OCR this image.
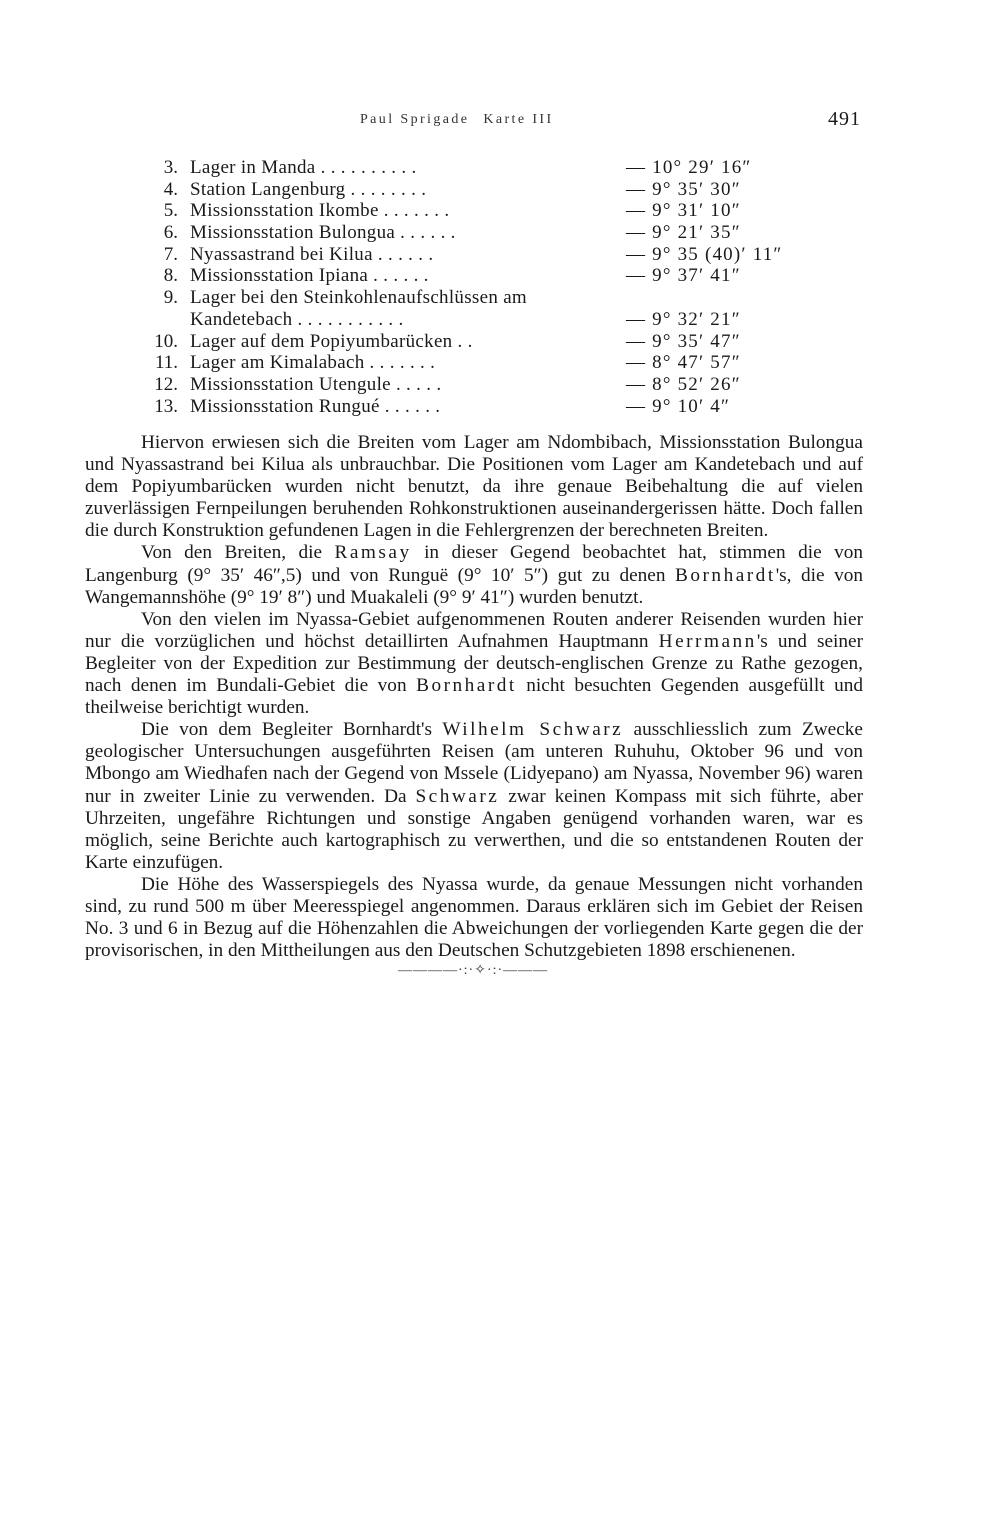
Paul Sprigade Karte III	491
3. Lager in Manda . . . . . . . . . .	— 10° 29′ 16″
4. Station Langenburg . . . . . . . .	— 9° 35′ 30″
5. Missionsstation Ikombe . . . . . . .	— 9° 31′ 10″
6. Missionsstation Bulongua . . . . . .	— 9° 21′ 35″
7. Nyassastrand bei Kilua . . . . . .	— 9° 35 (40)′ 11″
8. Missionsstation Ipiana . . . . . .	— 9° 37′ 41″
9. Lager bei den Steinkohlenaufschlüssen am
Kandetebach . . . . . . . . . . .	— 9° 32′ 21″
10. Lager auf dem Popiyumbarücken . .	— 9° 35′ 47″
11. Lager am Kimalabach . . . . . . .	— 8° 47′ 57″
12. Missionsstation Utengule . . . . .	— 8° 52′ 26″
13. Missionsstation Rungué . . . . . .	— 9° 10′ 4″

Hiervon erwiesen sich die Breiten vom Lager am Ndombibach, Missionsstation Bulongua und Nyassastrand bei Kilua als unbrauchbar. Die Positionen vom Lager am Kandetebach und auf dem Popiyumbarücken wurden nicht benutzt, da ihre genaue Beibehaltung die auf vielen zuverlässigen Fernpeilungen beruhenden Rohkonstruktionen auseinandergerissen hätte. Doch fallen die durch Konstruktion gefundenen Lagen in die Fehlergrenzen der berechneten Breiten.

Von den Breiten, die Ramsay in dieser Gegend beobachtet hat, stimmen die von Langenburg (9° 35′ 46″,5) und von Runguë (9° 10′ 5″) gut zu denen Bornhardt's, die von Wangemannshöhe (9° 19′ 8″) und Muakaleli (9° 9′ 41″) wurden benutzt.

Von den vielen im Nyassa-Gebiet aufgenommenen Routen anderer Reisenden wurden hier nur die vorzüglichen und höchst detaillirten Aufnahmen Hauptmann Herrmann's und seiner Begleiter von der Expedition zur Bestimmung der deutsch-englischen Grenze zu Rathe gezogen, nach denen im Bundali-Gebiet die von Bornhardt nicht besuchten Gegenden ausgefüllt und theilweise berichtigt wurden.

Die von dem Begleiter Bornhardt's Wilhelm Schwarz ausschliesslich zum Zwecke geologischer Untersuchungen ausgeführten Reisen (am unteren Ruhuhu, Oktober 96 und von Mbongo am Wiedhafen nach der Gegend von Mssele (Lidyepano) am Nyassa, November 96) waren nur in zweiter Linie zu verwenden. Da Schwarz zwar keinen Kompass mit sich führte, aber Uhrzeiten, ungefähre Richtungen und sonstige Angaben genügend vorhanden waren, war es möglich, seine Berichte auch kartographisch zu verwerthen, und die so entstandenen Routen der Karte einzufügen.

Die Höhe des Wasserspiegels des Nyassa wurde, da genaue Messungen nicht vorhanden sind, zu rund 500 m über Meeresspiegel angenommen. Daraus erklären sich im Gebiet der Reisen No. 3 und 6 in Bezug auf die Höhenzahlen die Abweichungen der vorliegenden Karte gegen die der provisorischen, in den Mittheilungen aus den Deutschen Schutzgebieten 1898 erschienenen.

————·:·✧·:·———
